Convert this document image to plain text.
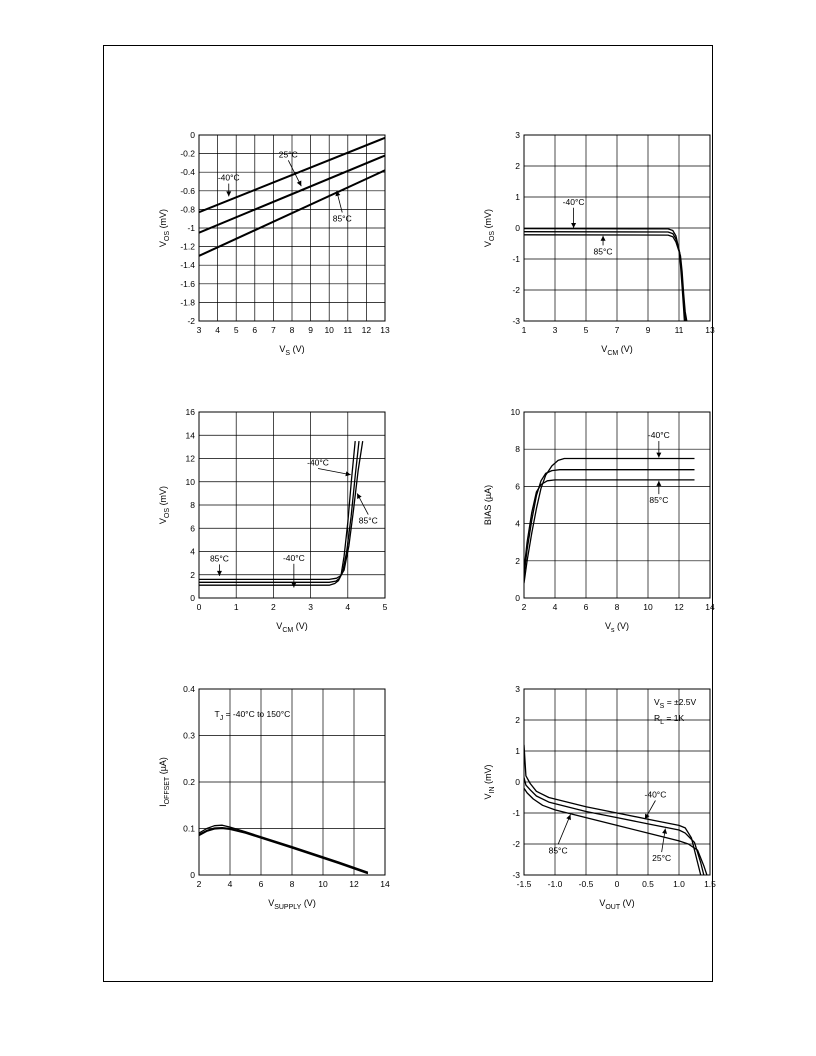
3 4 5 6 7 8 9 10 11 12 13
-2
-1.8
-1.6
-1.4
-1.2
-1
-0.8
-0.6
-0.4
-0.2
0
$V_S$ (V)
$V_{OS}$ (mV)
25°C
-40°C
85°C
1	3	5	7	9	11	13
-3
-2
-1
0
1
2
3
$V_{CM}$ (V)
$V_{OS}$ (mV)
-40°C
85°C
0	1	2	3	4	5
0
2
4
6
8
10
12
14
16
$V_{CM}$ (V)
$V_{OS}$ (mV)
-40°C
85°C
85°C	-40°C
2	4	6	8	10	12	14
0
2
4
6
8
10
$V_s$ (V)
BIAS (µA)
-40°C
85°C
2	4	6	8	10	12	14
0
0.1
0.2
0.3
0.4
$V_{SUPPLY}$ (V)
$I_{OFFSET}$ (µA)
$T_J = -40^\circ C$ to 150°C
-1.5 -1.0 -0.5	0	0.5 1.0 1.5
-3
-2
-1
0
1
2
3
$V_{OUT}$ (V)
$V_{IN}$ (mV)
-40°C
25°C
85°C
$V_S = \pm 2.5V$
$R_L = 1K$
